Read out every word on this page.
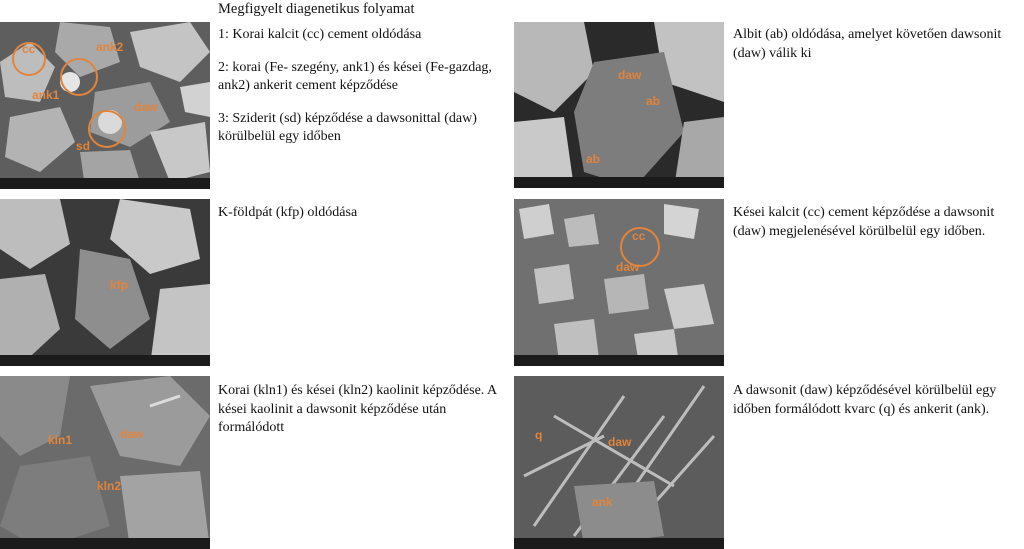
Megfigyelt diagenetikus folyamat
cc	ank2
ank1
daw
sd

1: Korai kalcit (cc) cement oldódása

2: korai (Fe- szegény, ank1) és kései (Fe-gazdag, ank2) ankerit cement képződése

3: Sziderit (sd) képződése a dawsonittal (daw) körülbelül egy időben

daw
ab
ab

Albit (ab) oldódása, amelyet követően dawsonit (daw) válik ki

kfp

K-földpát (kfp) oldódása

cc
daw

Kései kalcit (cc) cement képződése a dawsonit (daw) megjelenésével körülbelül egy időben.

kln1	daw
kln2

Korai (kln1) és kései (kln2) kaolinit képződése. A kései kaolinit a dawsonit képződése után formálódott	q	daw
ank

A dawsonit (daw) képződésével körülbelül egy időben formálódott kvarc (q) és ankerit (ank).
